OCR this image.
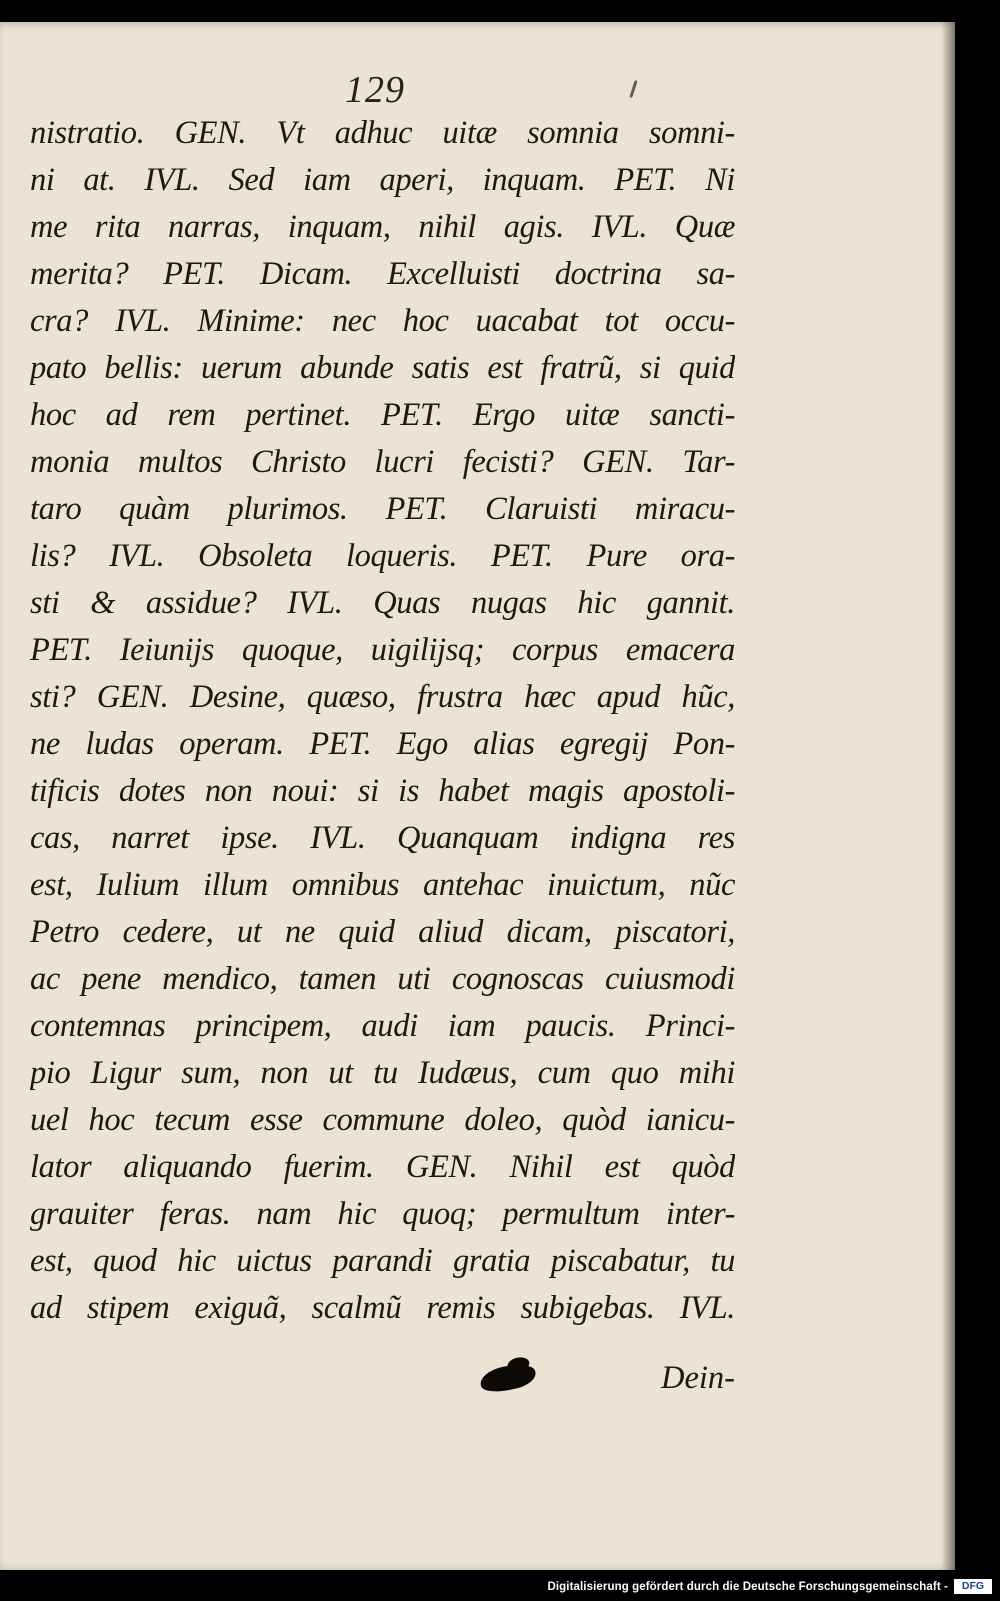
129
nistratio. GEN. Vt adhuc uitæ somnia somni-
ni at. IVL. Sed iam aperi, inquam. PET. Ni
me rita narras, inquam, nihil agis. IVL. Quæ
merita? PET. Dicam. Excelluisti doctrina sa-
cra? IVL. Minime: nec hoc uacabat tot occu-
pato bellis: uerum abunde satis est fratrũ, si quid
hoc ad rem pertinet. PET. Ergo uitæ sancti-
monia multos Christo lucri fecisti? GEN. Tar-
taro quàm plurimos. PET. Claruisti miracu-
lis? IVL. Obsoleta loqueris. PET. Pure ora-
sti & assidue? IVL. Quas nugas hic gannit.
PET. Ieiunijs quoque, uigilijsq; corpus emacera
sti? GEN. Desine, quæso, frustra hæc apud hũc,
ne ludas operam. PET. Ego alias egregij Pon-
tificis dotes non noui: si is habet magis apostoli-
cas, narret ipse. IVL. Quanquam indigna res
est, Iulium illum omnibus antehac inuictum, nũc
Petro cedere, ut ne quid aliud dicam, piscatori,
ac pene mendico, tamen uti cognoscas cuiusmodi
contemnas principem, audi iam paucis. Princi-
pio Ligur sum, non ut tu Iudæus, cum quo mihi
uel hoc tecum esse commune doleo, quòd ianicu-
lator aliquando fuerim. GEN. Nihil est quòd
grauiter feras. nam hic quoq; permultum inter-
est, quod hic uictus parandi gratia piscabatur, tu
ad stipem exiguã, scalmũ remis subigebas. IVL.
Dein-
Digitalisierung gefördert durch die Deutsche Forschungsgemeinschaft -	DFG
